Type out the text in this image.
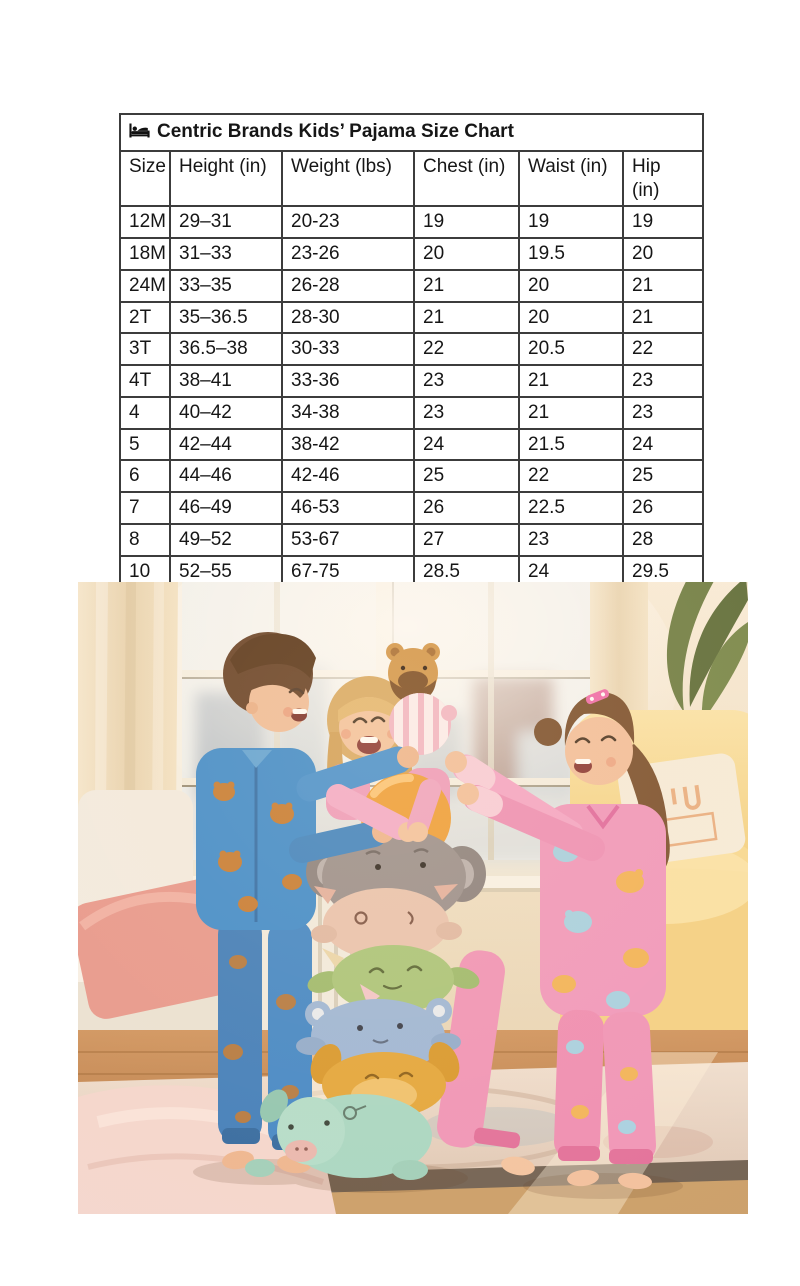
Centric Brands Kids’ Pajama Size Chart					
Size	Height (in)	Weight (lbs)	Chest (in)	Waist (in)	Hip (in)
12M	29–31	20-23	19	19	19
18M	31–33	23-26	20	19.5	20
24M	33–35	26-28	21	20	21
2T	35–36.5	28-30	21	20	21
3T	36.5–38	30-33	22	20.5	22
4T	38–41	33-36	23	21	23
4	40–42	34-38	23	21	23
5	42–44	38-42	24	21.5	24
6	44–46	42-46	25	22	25
7	46–49	46-53	26	22.5	26
8	49–52	53-67	27	23	28
10	52–55	67-75	28.5	24	29.5
